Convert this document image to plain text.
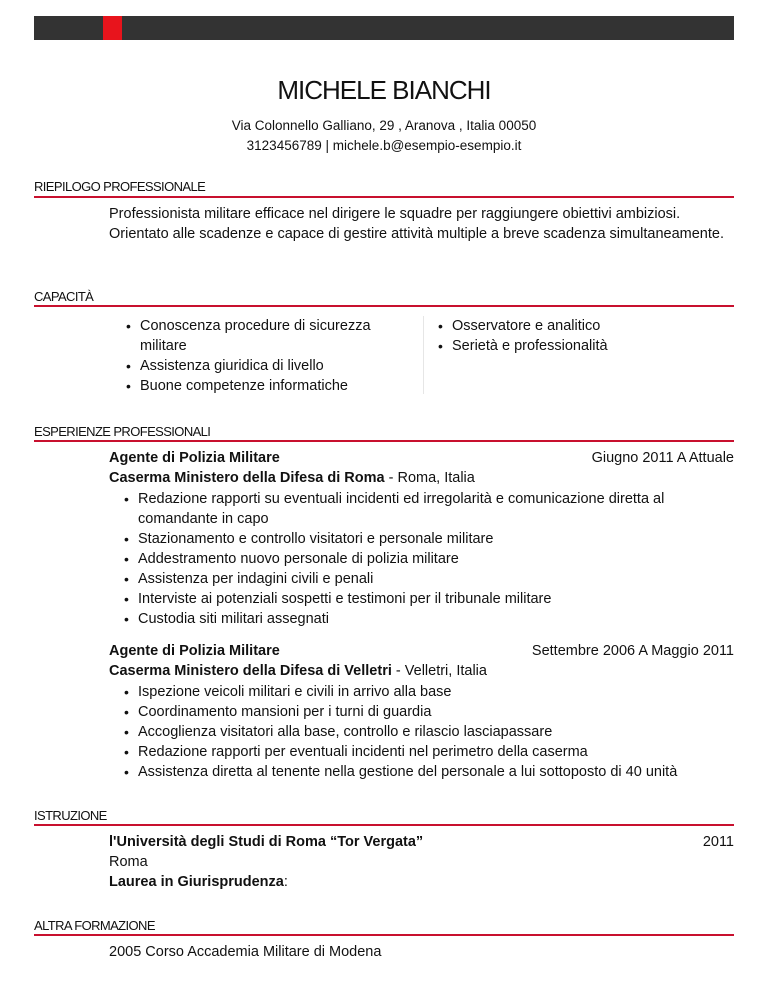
MICHELE BIANCHI
Via Colonnello Galliano, 29 , Aranova , Italia 00050
3123456789 | michele.b@esempio-esempio.it
RIEPILOGO PROFESSIONALE
Professionista militare efficace nel dirigere le squadre per raggiungere obiettivi ambiziosi. Orientato alle scadenze e capace di gestire attività multiple a breve scadenza simultaneamente.
CAPACITÀ
• Conoscenza procedure di sicurezza militare
• Assistenza giuridica di livello
• Buone competenze informatiche
• Osservatore e analitico
• Serietà e professionalità
ESPERIENZE PROFESSIONALI
Agente di Polizia Militare	Giugno 2011 A Attuale
Caserma Ministero della Difesa di Roma - Roma, Italia
• Redazione rapporti su eventuali incidenti ed irregolarità e comunicazione diretta al comandante in capo
• Stazionamento e controllo visitatori e personale militare
• Addestramento nuovo personale di polizia militare
• Assistenza per indagini civili e penali
• Interviste ai potenziali sospetti e testimoni per il tribunale militare
• Custodia siti militari assegnati
Agente di Polizia Militare	Settembre 2006 A Maggio 2011
Caserma Ministero della Difesa di Velletri - Velletri, Italia
• Ispezione veicoli militari e civili in arrivo alla base
• Coordinamento mansioni per i turni di guardia
• Accoglienza visitatori alla base, controllo e rilascio lasciapassare
• Redazione rapporti per eventuali incidenti nel perimetro della caserma
• Assistenza diretta al tenente nella gestione del personale a lui sottoposto di 40 unità
ISTRUZIONE
l'Università degli Studi di Roma “Tor Vergata”	2011
Roma
Laurea in Giurisprudenza:
ALTRA FORMAZIONE
2005 Corso Accademia Militare di Modena
